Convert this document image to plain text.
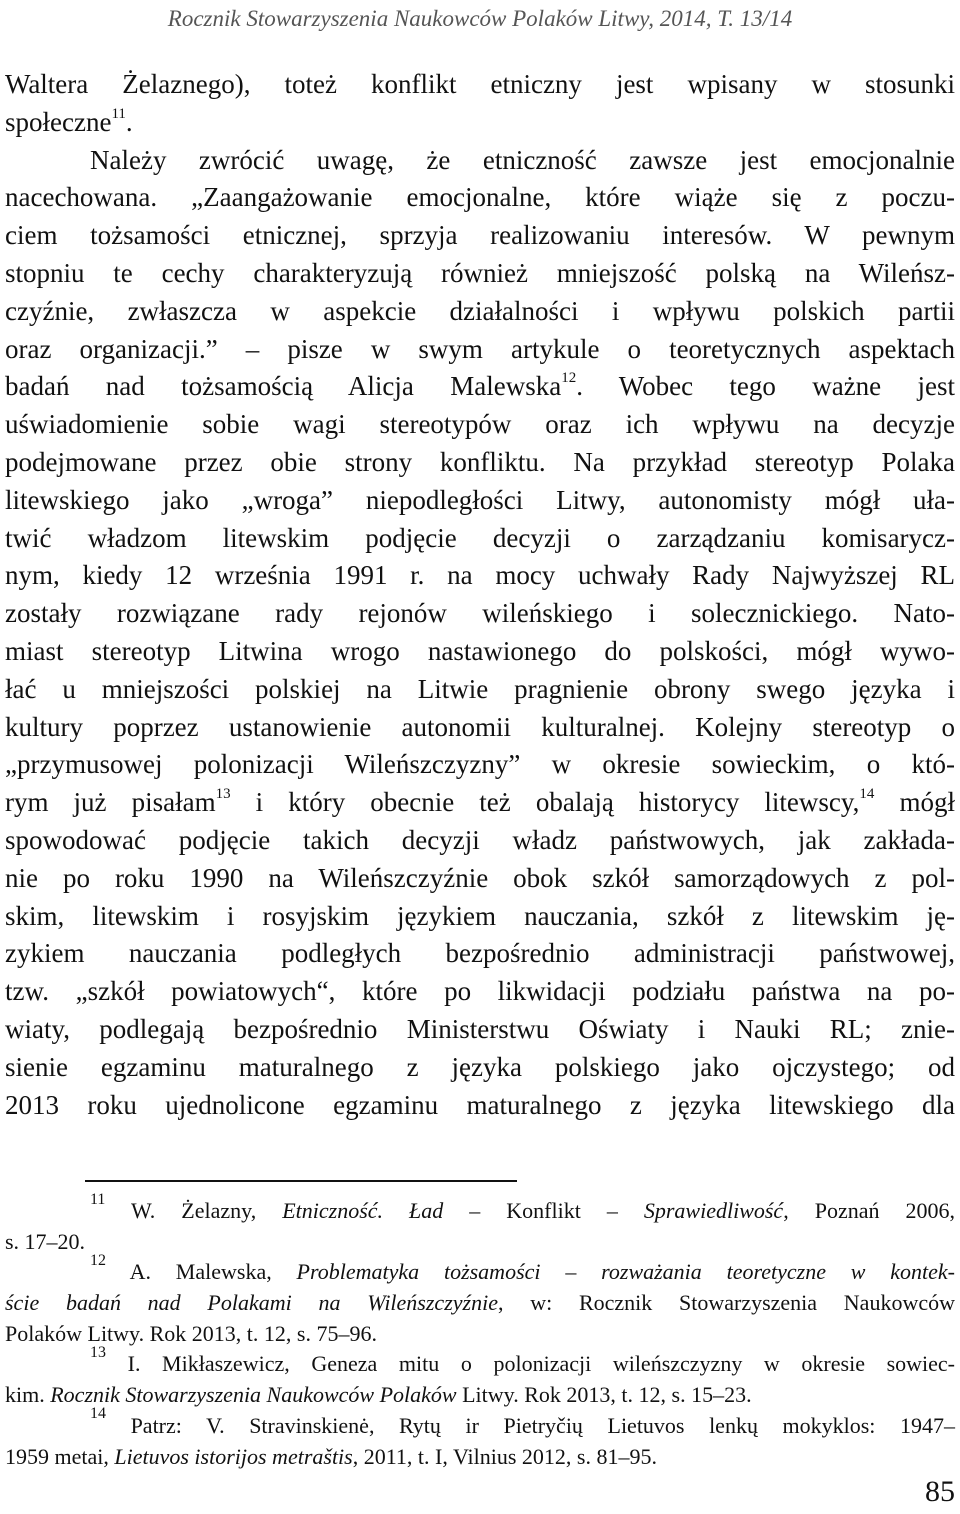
Rocznik Stowarzyszenia Naukowców Polaków Litwy, 2014, T. 13/14
Waltera Żelaznego), toteż konflikt etniczny jest wpisany w stosunki
społeczne$^{11}$.
Należy zwrócić uwagę, że etniczność zawsze jest emocjonalnie
nacechowana. „Zaangażowanie emocjonalne, które wiąże się z poczu-
ciem tożsamości etnicznej, sprzyja realizowaniu interesów. W pewnym
stopniu te cechy charakteryzują również mniejszość polską na Wileńsz-
czyźnie, zwłaszcza w aspekcie działalności i wpływu polskich partii
oraz organizacji.” – pisze w swym artykule o teoretycznych aspektach
badań nad tożsamością Alicja Malewska$^{12}$. Wobec tego ważne jest
uświadomienie sobie wagi stereotypów oraz ich wpływu na decyzje
podejmowane przez obie strony konfliktu. Na przykład stereotyp Polaka
litewskiego jako „wroga” niepodległości Litwy, autonomisty mógł uła-
twić władzom litewskim podjęcie decyzji o zarządzaniu komisarycz-
nym, kiedy 12 września 1991 r. na mocy uchwały Rady Najwyższej RL
zostały rozwiązane rady rejonów wileńskiego i solecznickiego. Nato-
miast stereotyp Litwina wrogo nastawionego do polskości, mógł wywo-
łać u mniejszości polskiej na Litwie pragnienie obrony swego języka i
kultury poprzez ustanowienie autonomii kulturalnej. Kolejny stereotyp o
„przymusowej polonizacji Wileńszczyzny” w okresie sowieckim, o któ-
rym już pisałam$^{13}$ i który obecnie też obalają historycy litewscy,$^{14}$ mógł
spowodować podjęcie takich decyzji władz państwowych, jak zakłada-
nie po roku 1990 na Wileńszczyźnie obok szkół samorządowych z pol-
skim, litewskim i rosyjskim językiem nauczania, szkół z litewskim ję-
zykiem nauczania podległych bezpośrednio administracji państwowej,
tzw. „szkół powiatowych“, które po likwidacji podziału państwa na po-
wiaty, podlegają bezpośrednio Ministerstwu Oświaty i Nauki RL; znie-
sienie egzaminu maturalnego z języka polskiego jako ojczystego; od
2013 roku ujednolicone egzaminu maturalnego z języka litewskiego dla
$^{11}$ W. Żelazny, Etniczność. Ład – Konflikt – Sprawiedliwość, Poznań 2006,
s. 17–20.
$^{12}$ A. Malewska, Problematyka tożsamości – rozważania teoretyczne w kontek-
ście badań nad Polakami na Wileńszczyźnie, w: Rocznik Stowarzyszenia Naukowców
Polaków Litwy. Rok 2013, t. 12, s. 75–96.
$^{13}$ I. Mikłaszewicz, Geneza mitu o polonizacji wileńszczyzny w okresie sowiec-
kim. Rocznik Stowarzyszenia Naukowców Polaków Litwy. Rok 2013, t. 12, s. 15–23.
$^{14}$ Patrz: V. Stravinskienė, Rytų ir Pietryčių Lietuvos lenkų mokyklos: 1947–
1959 metai, Lietuvos istorijos metraštis, 2011, t. I, Vilnius 2012, s. 81–95.
85
